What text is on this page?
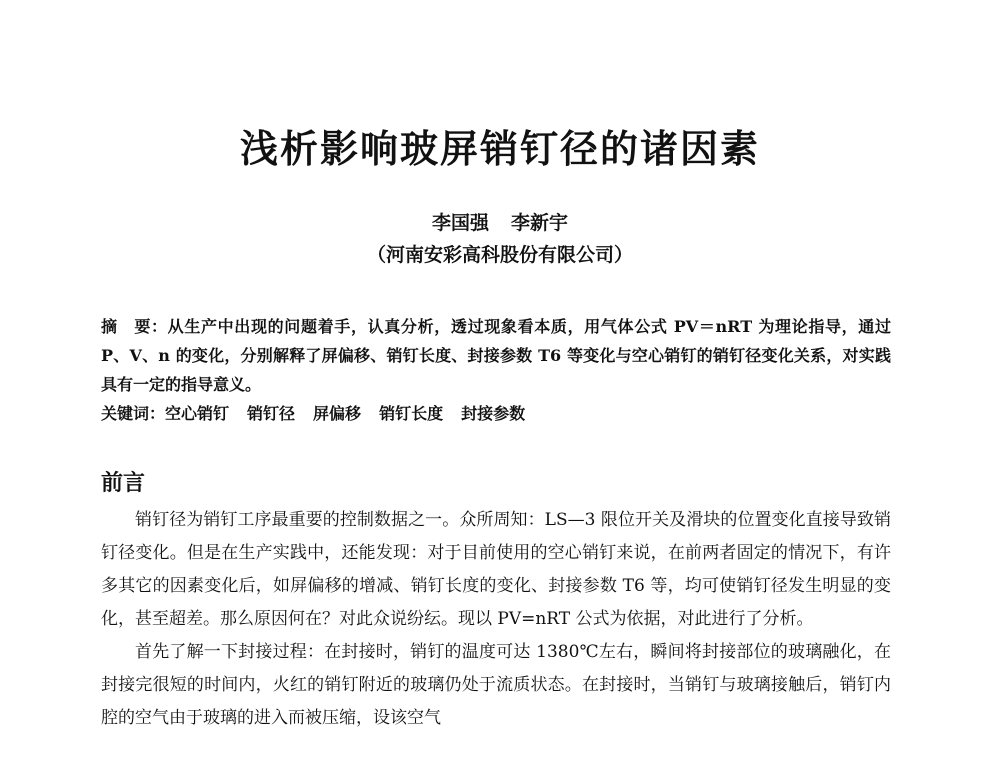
浅析影响玻屏销钉径的诸因素
李国强 李新宇
（河南安彩高科股份有限公司）
摘　要：从生产中出现的问题着手，认真分析，透过现象看本质，用气体公式 PV＝nRT 为理论指导，通过 P、V、n 的变化，分别解释了屏偏移、销钉长度、封接参数 T6 等变化与空心销钉的销钉径变化关系，对实践具有一定的指导意义。
关键词：空心销钉 销钉径 屏偏移 销钉长度 封接参数
前言

销钉径为销钉工序最重要的控制数据之一。众所周知：LS—3 限位开关及滑块的位置变化直接导致销钉径变化。但是在生产实践中，还能发现：对于目前使用的空心销钉来说，在前两者固定的情况下，有许多其它的因素变化后，如屏偏移的增减、销钉长度的变化、封接参数 T6 等，均可使销钉径发生明显的变化，甚至超差。那么原因何在？对此众说纷纭。现以 PV=nRT 公式为依据，对此进行了分析。

首先了解一下封接过程：在封接时，销钉的温度可达 1380℃左右，瞬间将封接部位的玻璃融化，在封接完很短的时间内，火红的销钉附近的玻璃仍处于流质状态。在封接时，当销钉与玻璃接触后，销钉内腔的空气由于玻璃的进入而被压缩，设该空气
